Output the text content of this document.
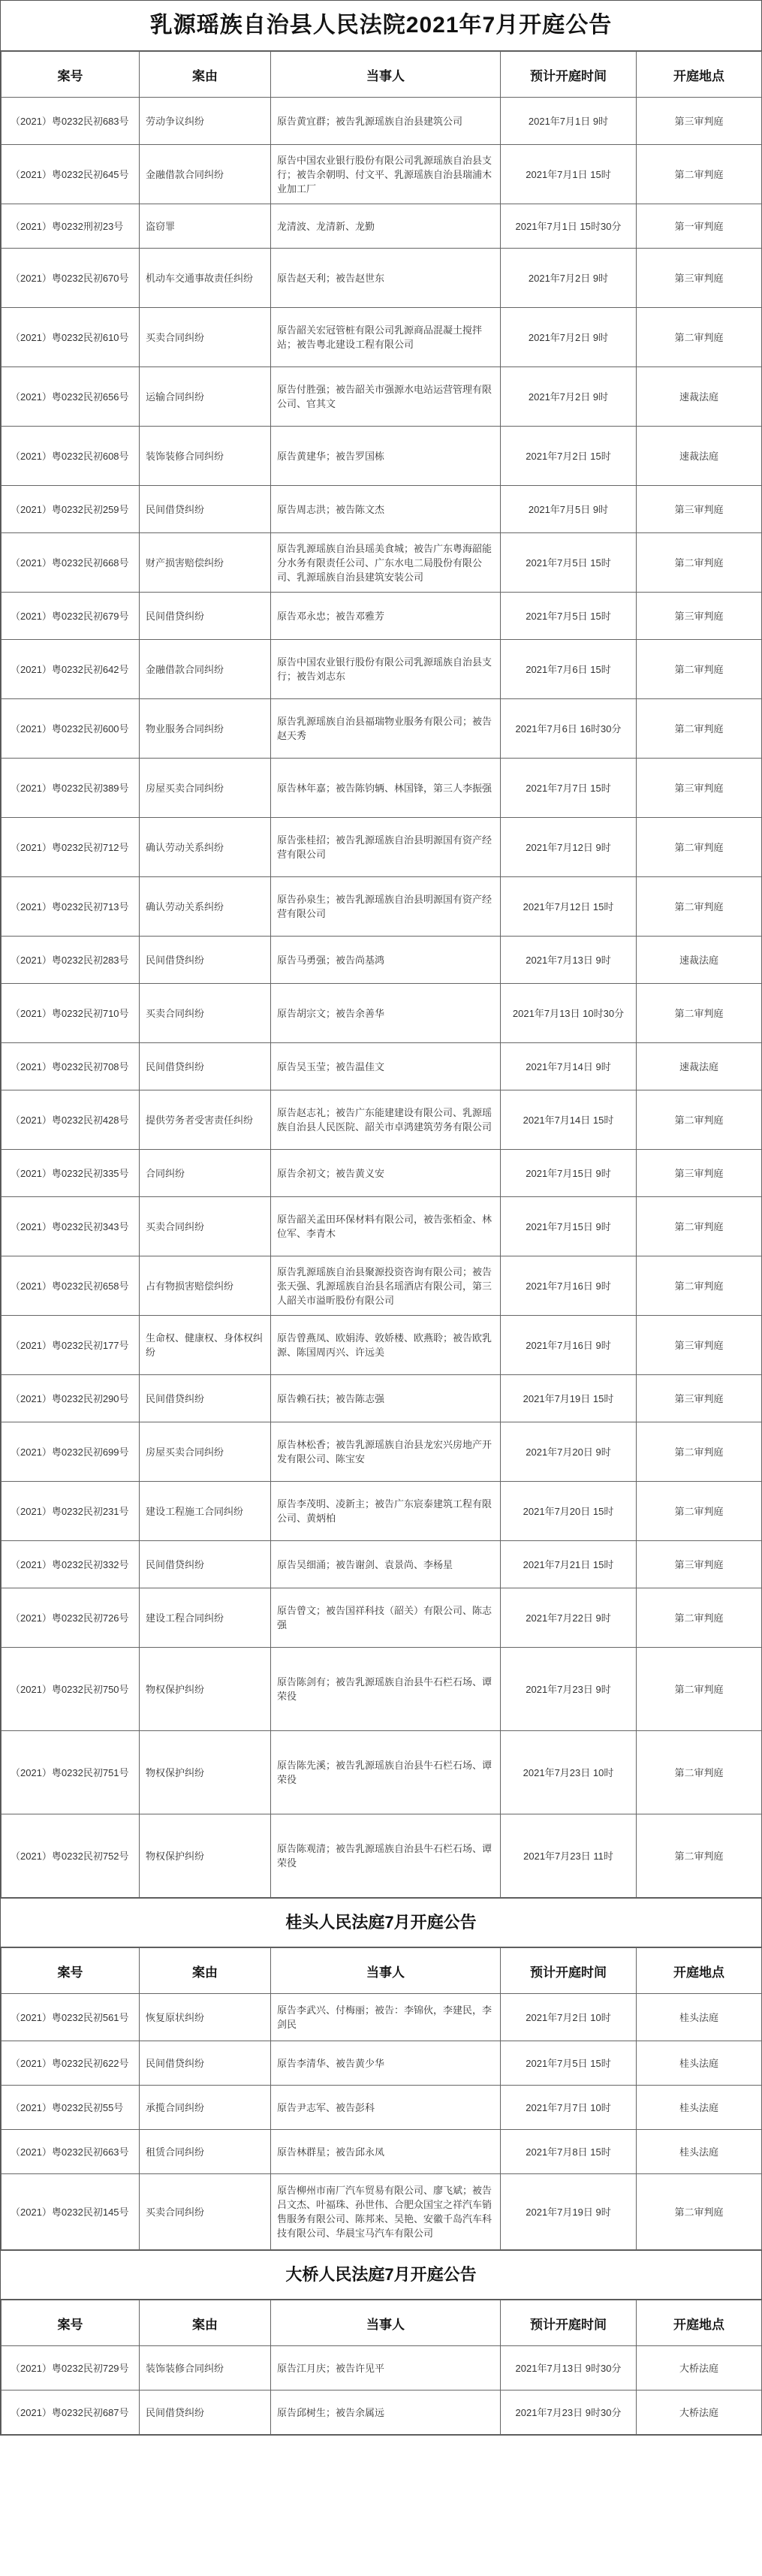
乳源瑶族自治县人民法院2021年7月开庭公告
案号	案由	当事人	预计开庭时间	开庭地点
（2021）粤0232民初683号	劳动争议纠纷	原告黄宜群；被告乳源瑶族自治县建筑公司	2021年7月1日 9时	第三审判庭
（2021）粤0232民初645号	金融借款合同纠纷	原告中国农业银行股份有限公司乳源瑶族自治县支行；被告余朝明、付文平、乳源瑶族自治县瑞浦木业加工厂	2021年7月1日 15时	第二审判庭
（2021）粤0232刑初23号	盗窃罪	龙清波、龙清新、龙勤	2021年7月1日 15时30分	第一审判庭
（2021）粤0232民初670号	机动车交通事故责任纠纷	原告赵天利；被告赵世东	2021年7月2日 9时	第三审判庭
（2021）粤0232民初610号	买卖合同纠纷	原告韶关宏冠管桩有限公司乳源商品混凝土搅拌站；被告粤北建设工程有限公司	2021年7月2日 9时	第二审判庭
（2021）粤0232民初656号	运输合同纠纷	原告付胜强；被告韶关市强源水电站运营管理有限公司、官其文	2021年7月2日 9时	速裁法庭
（2021）粤0232民初608号	装饰装修合同纠纷	原告黄建华；被告罗国栋	2021年7月2日 15时	速裁法庭
（2021）粤0232民初259号	民间借贷纠纷	原告周志洪；被告陈文杰	2021年7月5日 9时	第三审判庭
（2021）粤0232民初668号	财产损害赔偿纠纷	原告乳源瑶族自治县瑶美食城；被告广东粤海韶能分水务有限责任公司、广东水电二局股份有限公司、乳源瑶族自治县建筑安装公司	2021年7月5日 15时	第二审判庭
（2021）粤0232民初679号	民间借贷纠纷	原告邓永忠；被告邓雅芳	2021年7月5日 15时	第三审判庭
（2021）粤0232民初642号	金融借款合同纠纷	原告中国农业银行股份有限公司乳源瑶族自治县支行；被告刘志东	2021年7月6日 15时	第二审判庭
（2021）粤0232民初600号	物业服务合同纠纷	原告乳源瑶族自治县福瑞物业服务有限公司；被告赵天秀	2021年7月6日 16时30分	第二审判庭
（2021）粤0232民初389号	房屋买卖合同纠纷	原告林年嘉；被告陈钧辆、林国锋，第三人李振强	2021年7月7日 15时	第三审判庭
（2021）粤0232民初712号	确认劳动关系纠纷	原告张桂招；被告乳源瑶族自治县明源国有资产经营有限公司	2021年7月12日 9时	第二审判庭
（2021）粤0232民初713号	确认劳动关系纠纷	原告孙泉生；被告乳源瑶族自治县明源国有资产经营有限公司	2021年7月12日 15时	第二审判庭
（2021）粤0232民初283号	民间借贷纠纷	原告马勇强；被告尚基鸿	2021年7月13日 9时	速裁法庭
（2021）粤0232民初710号	买卖合同纠纷	原告胡宗文；被告余善华	2021年7月13日 10时30分	第二审判庭
（2021）粤0232民初708号	民间借贷纠纷	原告吴玉莹；被告温佳文	2021年7月14日 9时	速裁法庭
（2021）粤0232民初428号	提供劳务者受害责任纠纷	原告赵志礼；被告广东能建建设有限公司、乳源瑶族自治县人民医院、韶关市卓鸿建筑劳务有限公司	2021年7月14日 15时	第二审判庭
（2021）粤0232民初335号	合同纠纷	原告余初文；被告黄义安	2021年7月15日 9时	第三审判庭
（2021）粤0232民初343号	买卖合同纠纷	原告韶关孟田环保材料有限公司，被告张栢金、林位军、李青木	2021年7月15日 9时	第二审判庭
（2021）粤0232民初658号	占有物损害赔偿纠纷	原告乳源瑶族自治县聚源投资咨询有限公司；被告张天强、乳源瑶族自治县名瑶酒店有限公司，第三人韶关市溢昕股份有限公司	2021年7月16日 9时	第二审判庭
（2021）粤0232民初177号	生命权、健康权、身体权纠纷	原告曾燕凤、欧娟涛、敦娇楼、欧燕聆；被告欧乳源、陈国周丙兴、许远美	2021年7月16日 9时	第三审判庭
（2021）粤0232民初290号	民间借贷纠纷	原告赖石扶；被告陈志强	2021年7月19日 15时	第三审判庭
（2021）粤0232民初699号	房屋买卖合同纠纷	原告林松香；被告乳源瑶族自治县龙宏兴房地产开发有限公司、陈宝安	2021年7月20日 9时	第二审判庭
（2021）粤0232民初231号	建设工程施工合同纠纷	原告李茂明、凌新主；被告广东宸泰建筑工程有限公司、黄炳柏	2021年7月20日 15时	第二审判庭
（2021）粤0232民初332号	民间借贷纠纷	原告吴细涌；被告谢剑、袁景尚、李杨星	2021年7月21日 15时	第三审判庭
（2021）粤0232民初726号	建设工程合同纠纷	原告曾文；被告国祥科技（韶关）有限公司、陈志强	2021年7月22日 9时	第二审判庭
（2021）粤0232民初750号	物权保护纠纷	原告陈剑有；被告乳源瑶族自治县牛石栏石场、谭荣役	2021年7月23日 9时	第二审判庭
（2021）粤0232民初751号	物权保护纠纷	原告陈先溪；被告乳源瑶族自治县牛石栏石场、谭荣役	2021年7月23日 10时	第二审判庭
（2021）粤0232民初752号	物权保护纠纷	原告陈观清；被告乳源瑶族自治县牛石栏石场、谭荣役	2021年7月23日 11时	第二审判庭
桂头人民法庭7月开庭公告
案号	案由	当事人	预计开庭时间	开庭地点
（2021）粤0232民初561号	恢复原状纠纷	原告李武兴、付梅丽；被告：李锦伙，李建民，李剑民	2021年7月2日 10时	桂头法庭
（2021）粤0232民初622号	民间借贷纠纷	原告李清华、被告黄少华	2021年7月5日 15时	桂头法庭
（2021）粤0232民初55号	承揽合同纠纷	原告尹志军、被告彭科	2021年7月7日 10时	桂头法庭
（2021）粤0232民初663号	租赁合同纠纷	原告林群星；被告邱永凤	2021年7月8日 15时	桂头法庭
（2021）粤0232民初145号	买卖合同纠纷	原告柳州市南厂汽车贸易有限公司、廖飞斌；被告吕文杰、叶福珠、孙世伟、合肥众国宝之祥汽车销售服务有限公司、陈邦来、吴艳、安徽千岛汽车科技有限公司、华晨宝马汽车有限公司	2021年7月19日 9时	第二审判庭
大桥人民法庭7月开庭公告
案号	案由	当事人	预计开庭时间	开庭地点
（2021）粤0232民初729号	装饰装修合同纠纷	原告江月庆；被告许见平	2021年7月13日 9时30分	大桥法庭
（2021）粤0232民初687号	民间借贷纠纷	原告邱树生；被告余属远	2021年7月23日 9时30分	大桥法庭
